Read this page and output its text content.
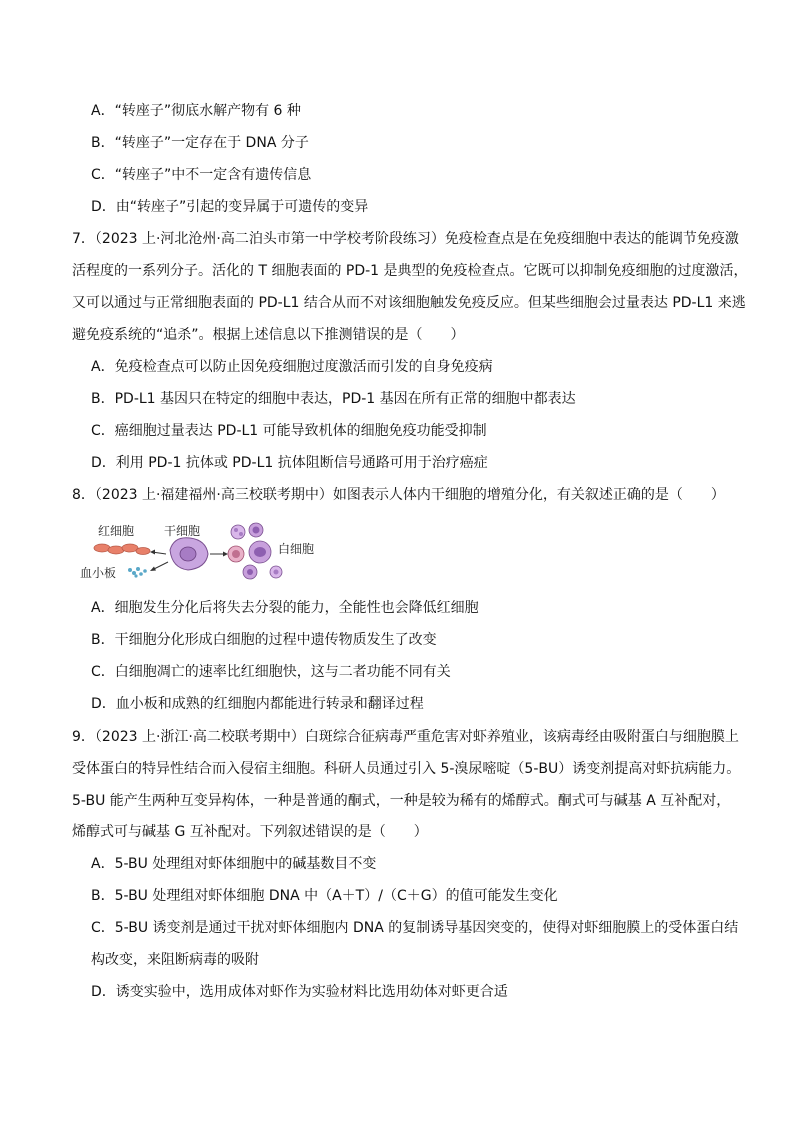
A．“转座子”彻底水解产物有 6 种
B．“转座子”一定存在于 DNA 分子
C．“转座子”中不一定含有遗传信息
D．由“转座子”引起的变异属于可遗传的变异
7．（2023 上·河北沧州·高二泊头市第一中学校考阶段练习）免疫检查点是在免疫细胞中表达的能调节免疫激
活程度的一系列分子。活化的 T 细胞表面的 PD-1 是典型的免疫检查点。它既可以抑制免疫细胞的过度激活，
又可以通过与正常细胞表面的 PD-L1 结合从而不对该细胞触发免疫反应。但某些细胞会过量表达 PD-L1 来逃
避免疫系统的“追杀”。根据上述信息以下推测错误的是（　　）
A．免疫检查点可以防止因免疫细胞过度激活而引发的自身免疫病
B．PD-L1 基因只在特定的细胞中表达，PD-1 基因在所有正常的细胞中都表达
C．癌细胞过量表达 PD-L1 可能导致机体的细胞免疫功能受抑制
D．利用 PD-1 抗体或 PD-L1 抗体阻断信号通路可用于治疗癌症
8．（2023 上·福建福州·高三校联考期中）如图表示人体内干细胞的增殖分化，有关叙述正确的是（　　）
红细胞 干细胞
白细胞
血小板
A．细胞发生分化后将失去分裂的能力，全能性也会降低红细胞
B．干细胞分化形成白细胞的过程中遗传物质发生了改变
C．白细胞凋亡的速率比红细胞快，这与二者功能不同有关
D．血小板和成熟的红细胞内都能进行转录和翻译过程
9．（2023 上·浙江·高二校联考期中）白斑综合征病毒严重危害对虾养殖业，该病毒经由吸附蛋白与细胞膜上
受体蛋白的特异性结合而入侵宿主细胞。科研人员通过引入 5-溴尿嘧啶（5-BU）诱变剂提高对虾抗病能力。
5-BU 能产生两种互变异构体，一种是普通的酮式，一种是较为稀有的烯醇式。酮式可与碱基 A 互补配对，
烯醇式可与碱基 G 互补配对。下列叙述错误的是（　　）
A．5-BU 处理组对虾体细胞中的碱基数目不变
B．5-BU 处理组对虾体细胞 DNA 中（A＋T）/（C＋G）的值可能发生变化
C．5-BU 诱变剂是通过干扰对虾体细胞内 DNA 的复制诱导基因突变的，使得对虾细胞膜上的受体蛋白结
构改变，来阻断病毒的吸附
D．诱变实验中，选用成体对虾作为实验材料比选用幼体对虾更合适
